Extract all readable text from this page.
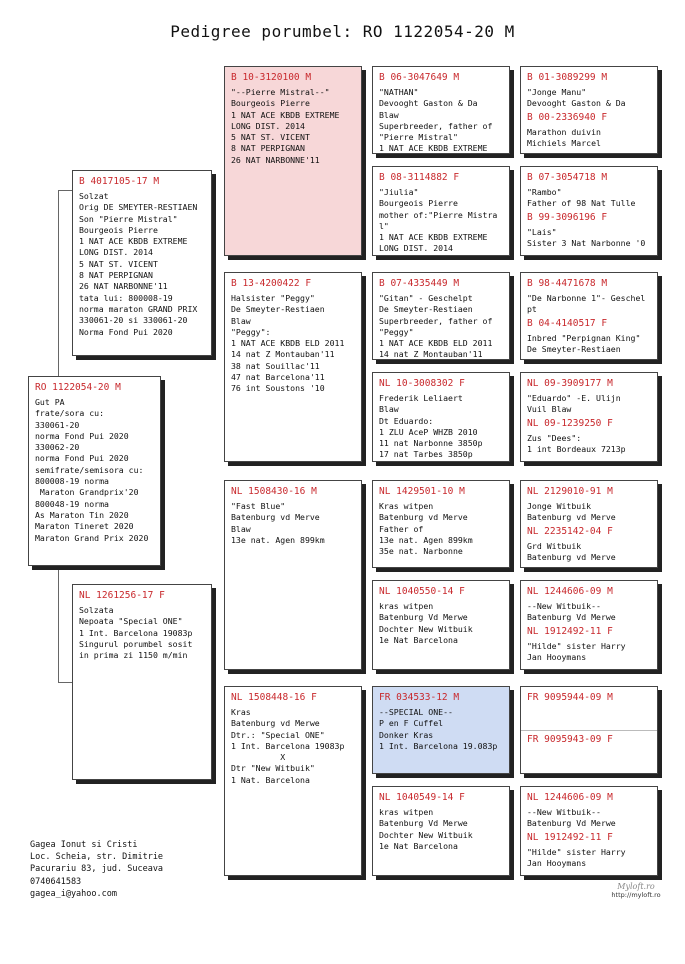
Pedigree porumbel: RO 1122054-20 M
RO 1122054-20 M
Gut PA
frate/sora cu:
330061-20
norma Fond Pui 2020
330062-20
norma Fond Pui 2020
semifrate/semisora cu:
800008-19 norma
Maraton Grandprix'20
800048-19 norma
As Maraton Tin 2020
Maraton Tineret 2020
Maraton Grand Prix 2020
B 4017105-17 M
Solzat
Orig DE SMEYTER-RESTIAEN
Son "Pierre Mistral"
Bourgeois Pierre
1 NAT ACE KBDB EXTREME
LONG DIST. 2014
5 NAT ST. VICENT
8 NAT PERPIGNAN
26 NAT NARBONNE'11
tata lui: 800008-19
norma maraton GRAND PRIX
330061-20 si 330061-20
Norma Fond Pui 2020
NL 1261256-17 F
Solzata
Nepoata "Special ONE"
1 Int. Barcelona 19083p
Singurul porumbel sosit
in prima zi 1150 m/min
B 10-3120100 M
"--Pierre Mistral--"
Bourgeois Pierre
1 NAT ACE KBDB EXTREME
LONG DIST. 2014
5 NAT ST. VICENT
8 NAT PERPIGNAN
26 NAT NARBONNE'11
B 13-4200422 F
Halsister "Peggy"
De Smeyter-Restiaen
Blaw
"Peggy":
1 NAT ACE KBDB ELD 2011
14 nat Z Montauban'11
38 nat Souillac'11
47 nat Barcelona'11
76 int Soustons '10
NL 1508430-16 M
"Fast Blue"
Batenburg vd Merve
Blaw
13e nat. Agen 899km
NL 1508448-16 F
Kras
Batenburg vd Merwe
Dtr.: "Special ONE"
1 Int. Barcelona 19083p
X
Dtr "New Witbuik"
1 Nat. Barcelona
B 06-3047649 M
"NATHAN"
Devooght Gaston & Da
Blaw
Superbreeder, father of
"Pierre Mistral"
1 NAT ACE KBDB EXTREME
B 08-3114882 F
"Jiulia"
Bourgeois Pierre
mother of:"Pierre Mistra
l"
1 NAT ACE KBDB EXTREME
LONG DIST. 2014
B 07-4335449 M
"Gitan" - Geschelpt
De Smeyter-Restiaen
Superbreeder, father of
"Peggy"
1 NAT ACE KBDB ELD 2011
14 nat Z Montauban'11
NL 10-3008302 F
Frederik Leliaert
Blaw
Dt Eduardo:
1 ZLU AceP WHZB 2010
11 nat Narbonne 3850p
17 nat Tarbes 3850p
NL 1429501-10 M
Kras witpen
Batenburg vd Merve
Father of
13e nat. Agen 899km
35e nat. Narbonne
NL 1040550-14 F
kras witpen
Batenburg Vd Merwe
Dochter New Witbuik
1e Nat Barcelona
FR 034533-12 M
--SPECIAL ONE--
P en F Cuffel
Donker Kras
1 Int. Barcelona 19.083p
NL 1040549-14 F
kras witpen
Batenburg Vd Merwe
Dochter New Witbuik
1e Nat Barcelona
B 01-3089299 M
"Jonge Manu"
Devooght Gaston & Da
B 00-2336940 F
Marathon duivin
Michiels Marcel
B 07-3054718 M
"Rambo"
Father of 98 Nat Tulle
B 99-3096196 F
"Lais"
Sister 3 Nat Narbonne '0
B 98-4471678 M
"De Narbonne 1"- Geschel
pt
B 04-4140517 F
Inbred "Perpignan King"
De Smeyter-Restiaen
NL 09-3909177 M
"Eduardo" -E. Ulijn
Vuil Blaw
NL 09-1239250 F
Zus "Dees":
1 int Bordeaux 7213p
NL 2129010-91 M
Jonge Witbuik
Batenburg vd Merve
NL 2235142-04 F
Grd Witbuik
Batenburg vd Merve
NL 1244606-09 M
--New Witbuik--
Batenburg Vd Merwe
NL 1912492-11 F
"Hilde" sister Harry
Jan Hooymans
FR 9095944-09 M
FR 9095943-09 F
NL 1244606-09 M
--New Witbuik--
Batenburg Vd Merwe
NL 1912492-11 F
"Hilde" sister Harry
Jan Hooymans
Gagea Ionut si Cristi
Loc. Scheia, str. Dimitrie
Pacurariu 83, jud. Suceava
0740641583
gagea_i@yahoo.com
Myloft.ro
http://myloft.ro
